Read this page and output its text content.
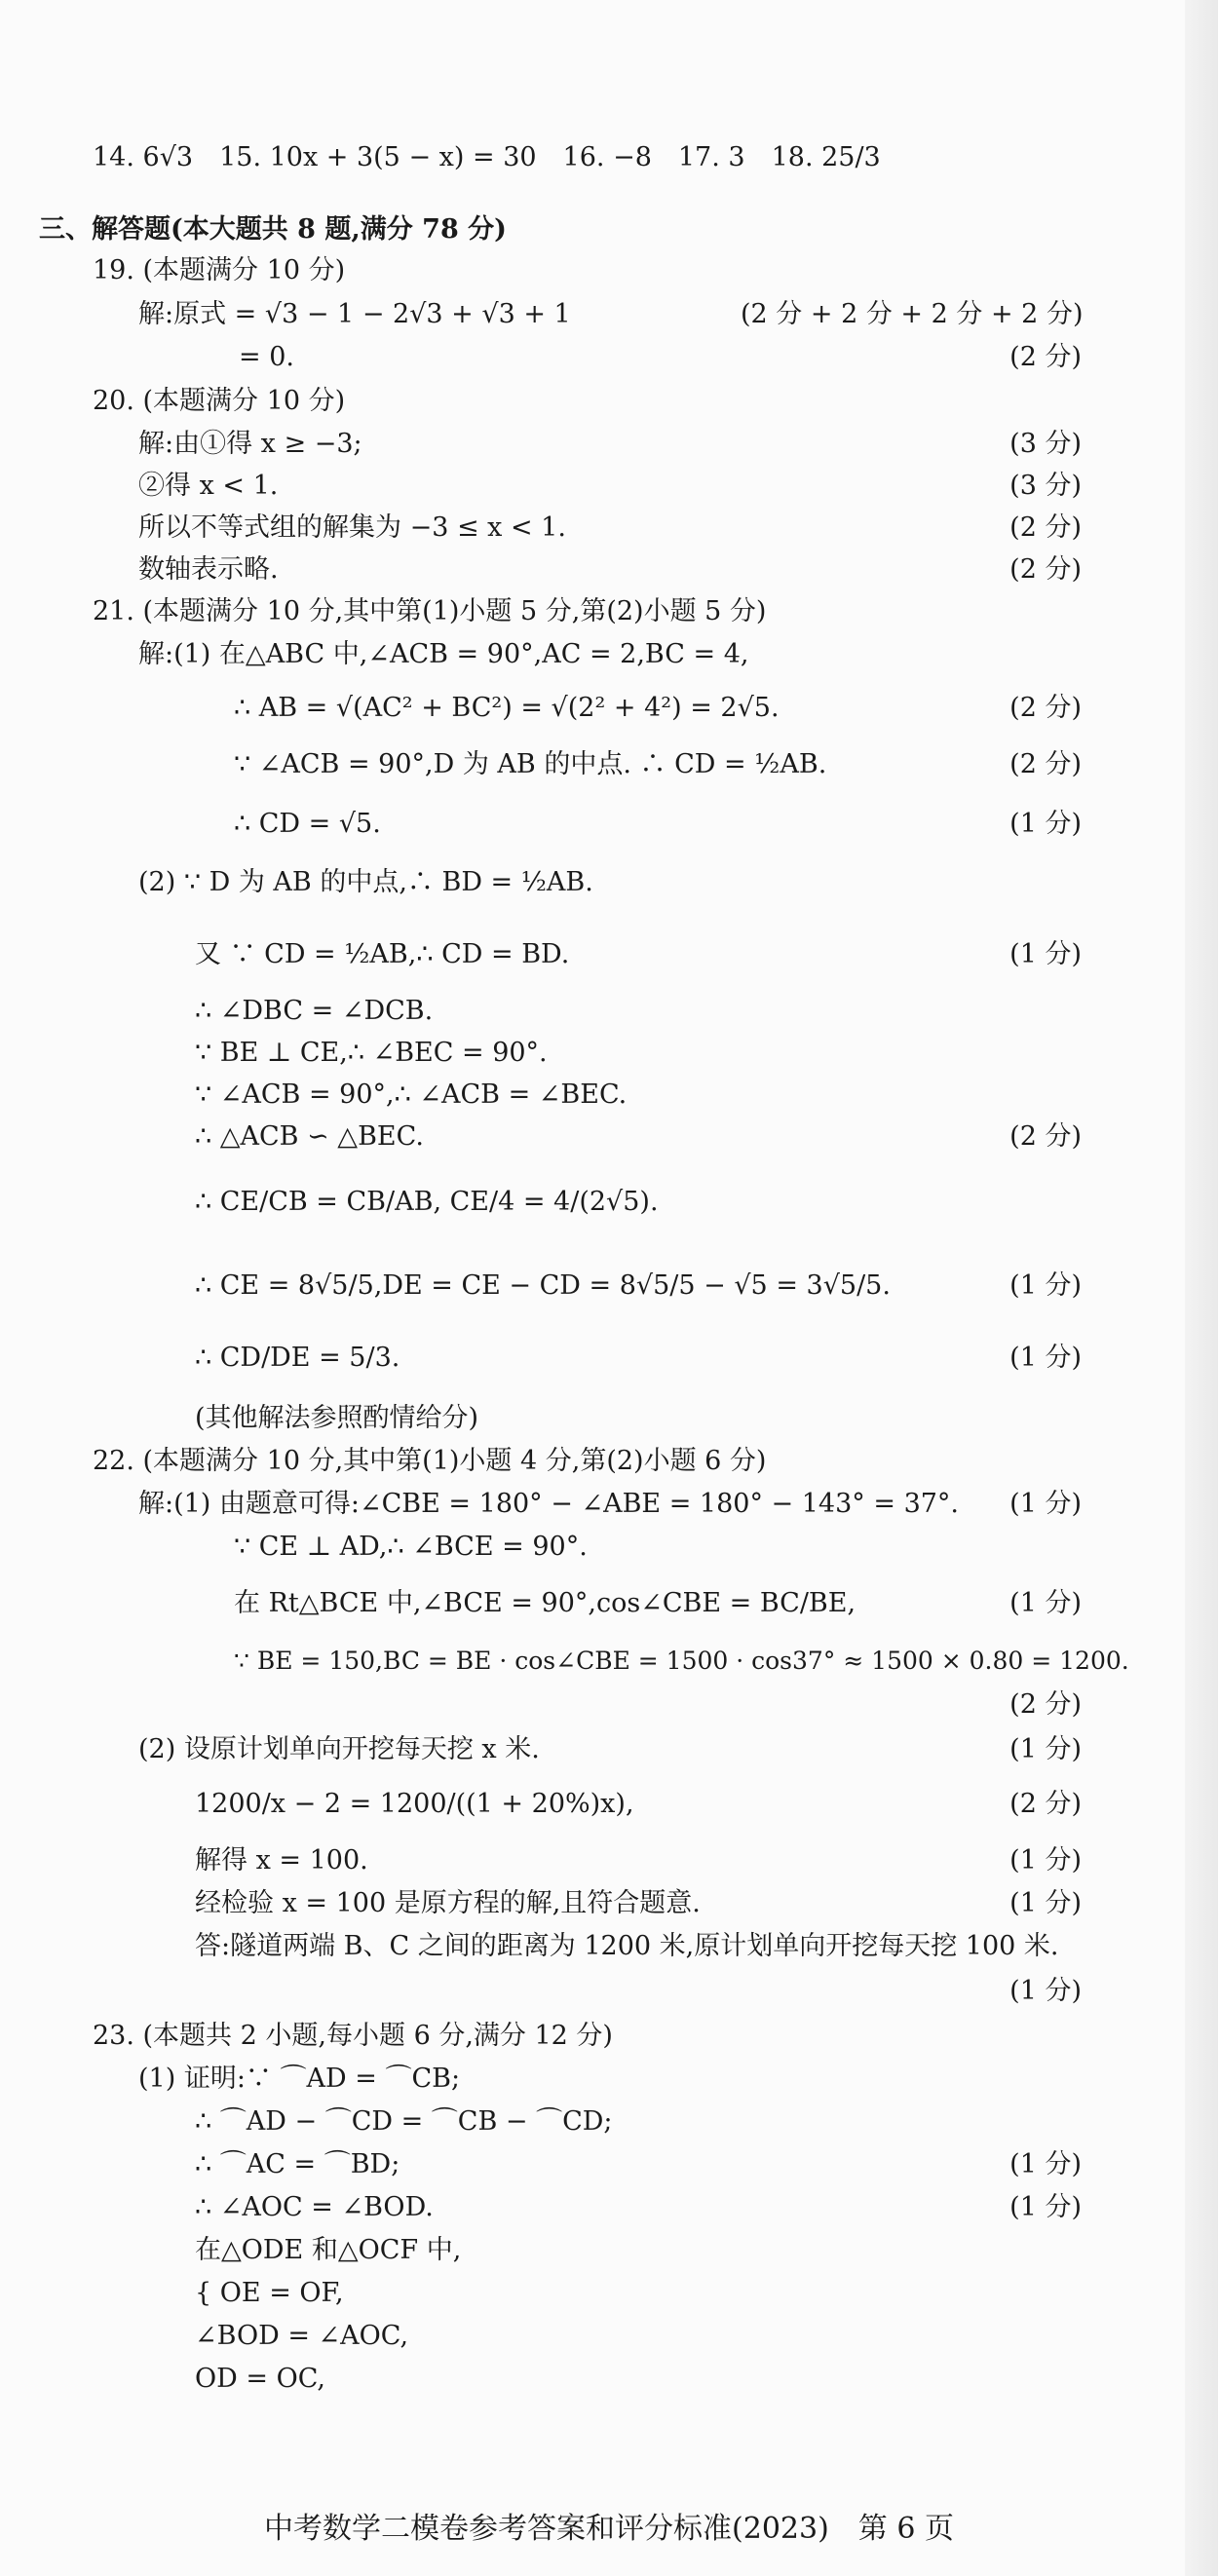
14. 6√3　15. 10x + 3(5 − x) = 30　16. −8　17. 3　18. 25/3
三、解答题(本大题共 8 题,满分 78 分)
19. (本题满分 10 分)
解:原式 = √3 − 1 − 2√3 + √3 + 1	(2 分 + 2 分 + 2 分 + 2 分)
= 0.	(2 分)
20. (本题满分 10 分)
解:由①得 x ≥ −3;	(3 分)
②得 x < 1.	(3 分)
所以不等式组的解集为 −3 ≤ x < 1.	(2 分)
数轴表示略.	(2 分)
21. (本题满分 10 分,其中第(1)小题 5 分,第(2)小题 5 分)
解:(1) 在△ABC 中,∠ACB = 90°,AC = 2,BC = 4,
∴ AB = √(AC² + BC²) = √(2² + 4²) = 2√5.	(2 分)
∵ ∠ACB = 90°,D 为 AB 的中点. ∴ CD = ½AB.	(2 分)
∴ CD = √5.	(1 分)
(2) ∵ D 为 AB 的中点,∴ BD = ½AB.
又 ∵ CD = ½AB,∴ CD = BD.	(1 分)
∴ ∠DBC = ∠DCB.
∵ BE ⊥ CE,∴ ∠BEC = 90°.
∵ ∠ACB = 90°,∴ ∠ACB = ∠BEC.
∴ △ACB ∽ △BEC.	(2 分)
∴ CE/CB = CB/AB, CE/4 = 4/(2√5).
∴ CE = 8√5/5,DE = CE − CD = 8√5/5 − √5 = 3√5/5.	(1 分)
∴ CD/DE = 5/3.	(1 分)
(其他解法参照酌情给分)
22. (本题满分 10 分,其中第(1)小题 4 分,第(2)小题 6 分)
解:(1) 由题意可得:∠CBE = 180° − ∠ABE = 180° − 143° = 37°.	(1 分)
∵ CE ⊥ AD,∴ ∠BCE = 90°.
在 Rt△BCE 中,∠BCE = 90°,cos∠CBE = BC/BE,	(1 分)
∵ BE = 150,BC = BE · cos∠CBE = 1500 · cos37° ≈ 1500 × 0.80 = 1200.
(2 分)
(2) 设原计划单向开挖每天挖 x 米.	(1 分)
1200/x − 2 = 1200/((1 + 20%)x),	(2 分)
解得 x = 100.	(1 分)
经检验 x = 100 是原方程的解,且符合题意.	(1 分)
答:隧道两端 B、C 之间的距离为 1200 米,原计划单向开挖每天挖 100 米.
(1 分)
23. (本题共 2 小题,每小题 6 分,满分 12 分)
(1) 证明:∵ ⌒AD = ⌒CB;
∴ ⌒AD − ⌒CD = ⌒CB − ⌒CD;
∴ ⌒AC = ⌒BD;	(1 分)
∴ ∠AOC = ∠BOD.	(1 分)
在△ODE 和△OCF 中,
{ OE = OF,
∠BOD = ∠AOC,
OD = OC,
中考数学二模卷参考答案和评分标准(2023)　第 6 页
